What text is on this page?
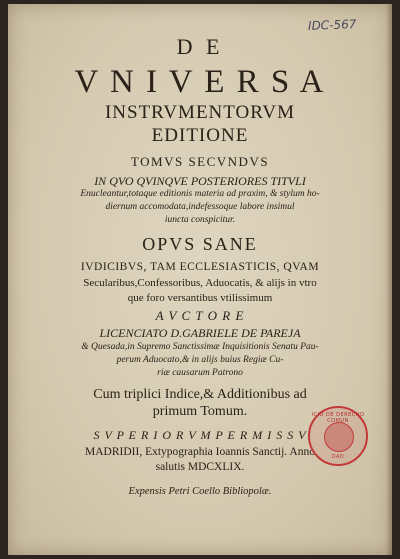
IDC-567
D E
V N I V E R S A
INSTRVMENTORVM
EDITIONE
TOMVS SECVNDVS
IN QVO QVINQVE POSTERIORES TITVLI
Enucleantur,totaque editionis materia ad praxim, & stylum ho-
diernum accomodata,indefessoque labore insimul
iuncta conspicitur.
OPVS SANE
IVDICIBVS, TAM ECCLESIASTICIS, QVAM
Secularibus,Confessoribus, Aduocatis, & alijs in vtro
que foro versantibus vtilissimum
A V C T O R E
LICENCIATO D.GABRIELE DE PAREJA
& Quesada,in Supremo Sanctissimæ Inquisitionis Senatu Pau-
perum Aduocato,& in alijs buius Regiæ Cu-
riæ causarum Patrono
Cum triplici Indice,& Additionibus ad
primum Tomum.
S V P E R I O R V M P E R M I S S V
MADRIDII, Extypographia Ioannis Sanctij. Anno
salutis MDCXLIX.
Expensis Petri Coello Bibliopolæ.
ICIO DE DERECHO COMUN
DAD
